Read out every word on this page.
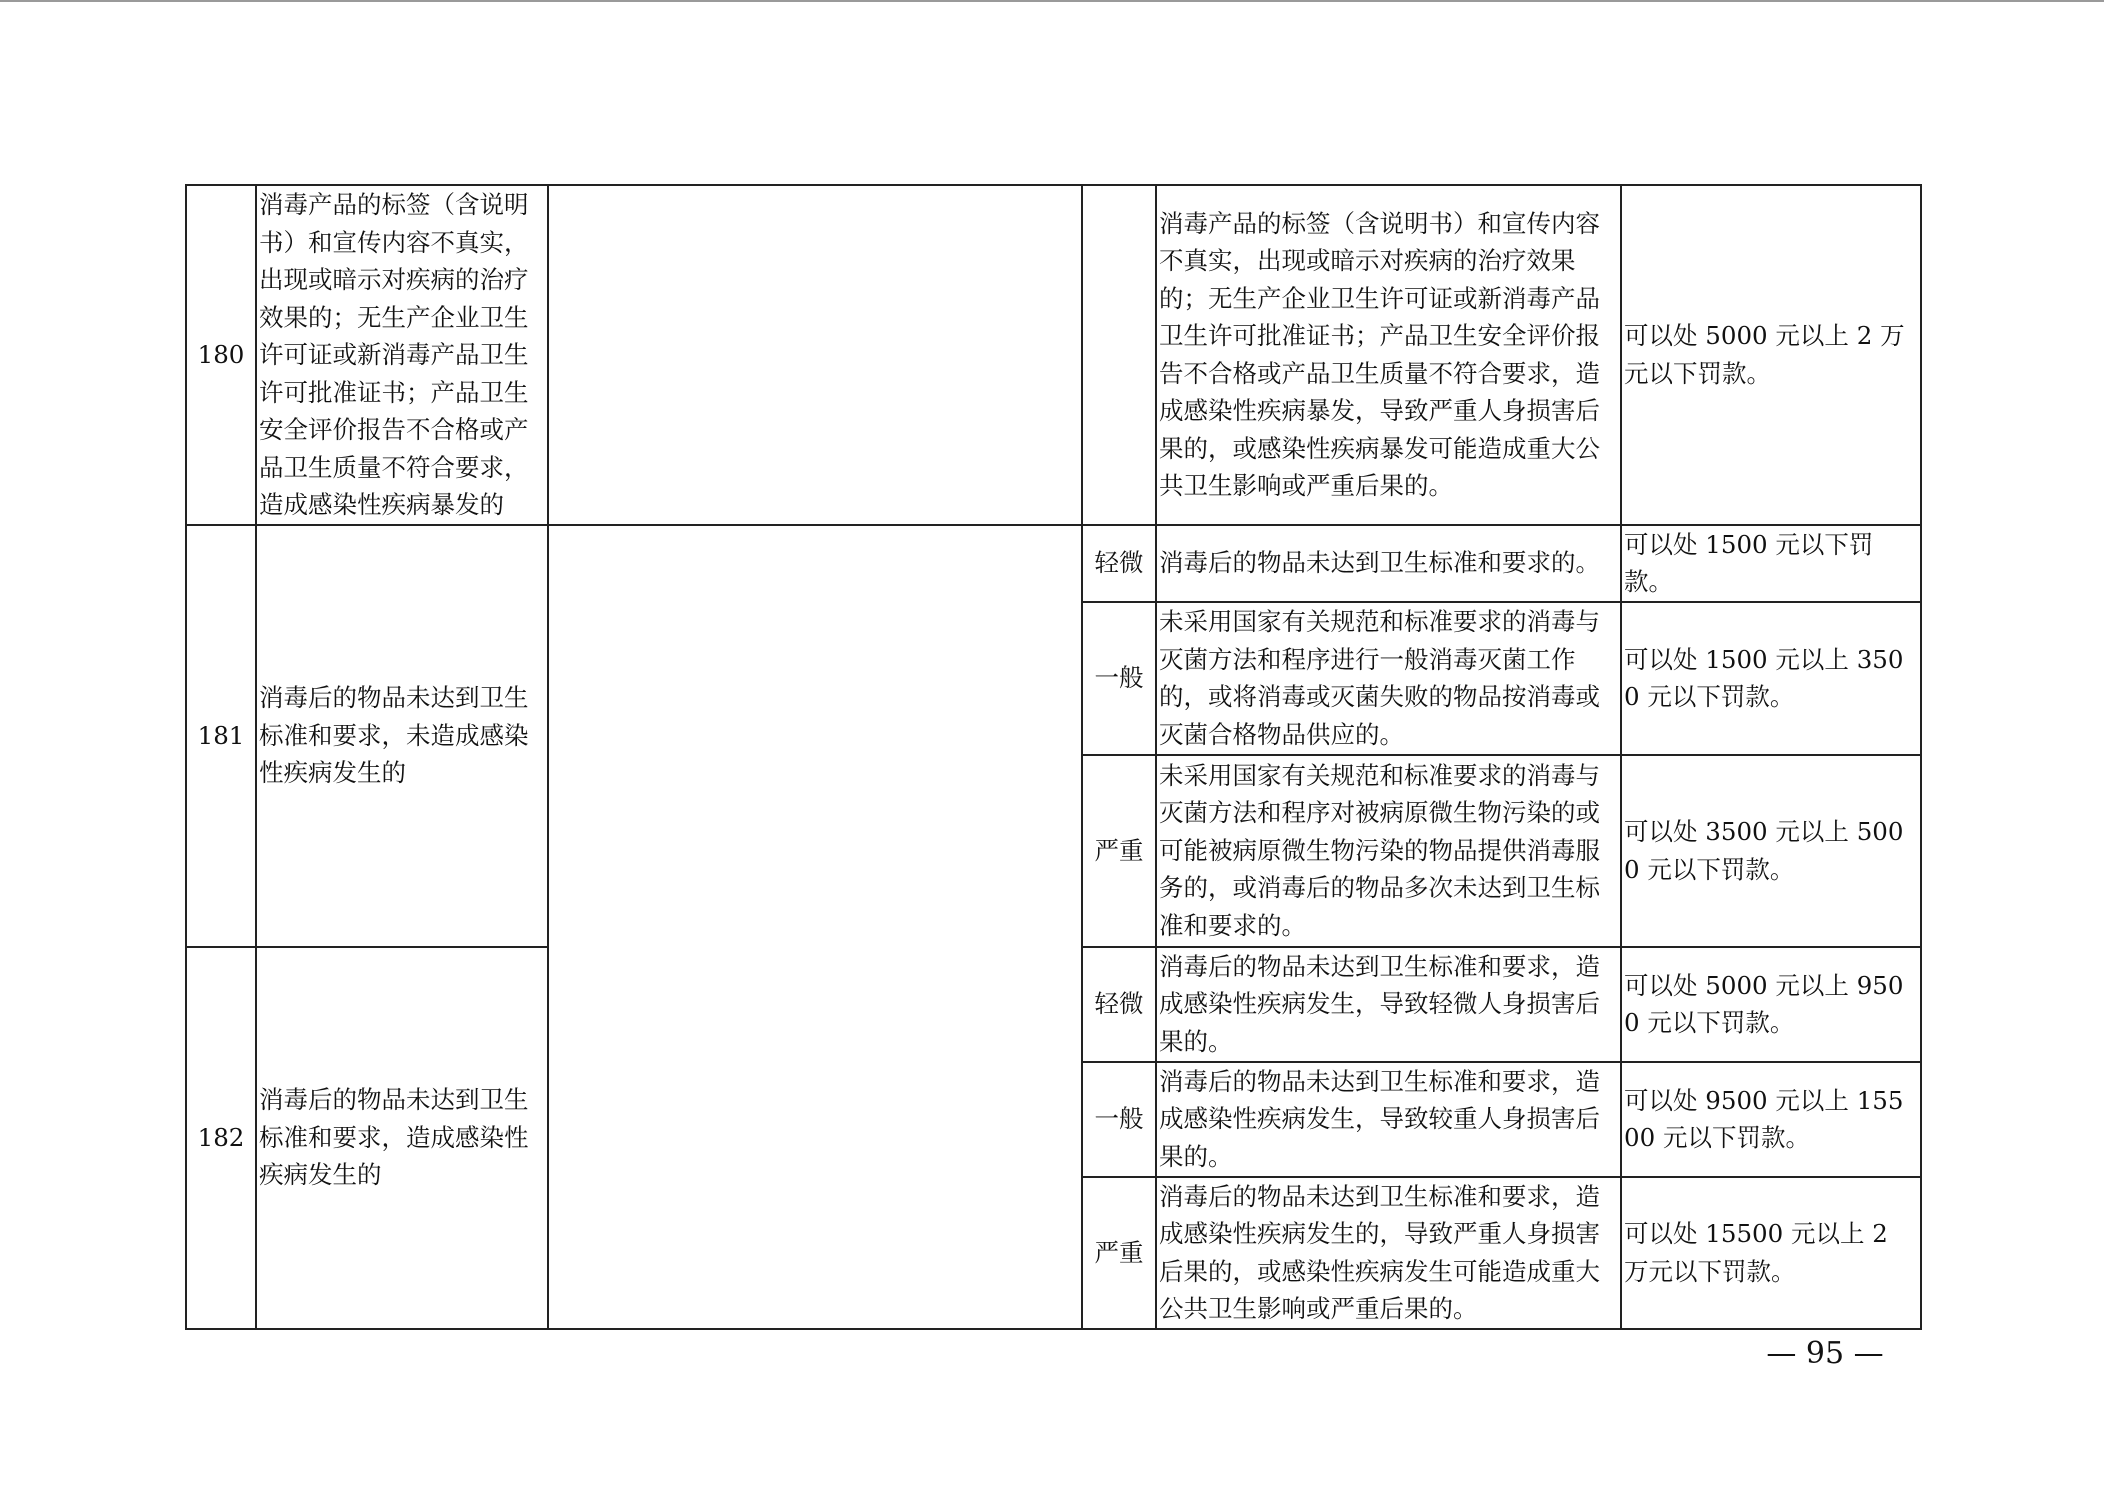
180	消毒产品的标签（含说明书）和宣传内容不真实，出现或暗示对疾病的治疗效果的；无生产企业卫生许可证或新消毒产品卫生许可批准证书；产品卫生安全评价报告不合格或产品卫生质量不符合要求，造成感染性疾病暴发的			消毒产品的标签（含说明书）和宣传内容不真实，出现或暗示对疾病的治疗效果的；无生产企业卫生许可证或新消毒产品卫生许可批准证书；产品卫生安全评价报告不合格或产品卫生质量不符合要求，造成感染性疾病暴发，导致严重人身损害后果的，或感染性疾病暴发可能造成重大公共卫生影响或严重后果的。	可以处 5000 元以上 2 万元以下罚款。
181	消毒后的物品未达到卫生标准和要求，未造成感染性疾病发生的		轻微	消毒后的物品未达到卫生标准和要求的。	可以处 1500 元以下罚款。
			一般	未采用国家有关规范和标准要求的消毒与灭菌方法和程序进行一般消毒灭菌工作的，或将消毒或灭菌失败的物品按消毒或灭菌合格物品供应的。	可以处 1500 元以上 3500 元以下罚款。
			严重	未采用国家有关规范和标准要求的消毒与灭菌方法和程序对被病原微生物污染的或可能被病原微生物污染的物品提供消毒服务的，或消毒后的物品多次未达到卫生标准和要求的。	可以处 3500 元以上 5000 元以下罚款。
182	消毒后的物品未达到卫生标准和要求，造成感染性疾病发生的		轻微	消毒后的物品未达到卫生标准和要求，造成感染性疾病发生，导致轻微人身损害后果的。	可以处 5000 元以上 9500 元以下罚款。
			一般	消毒后的物品未达到卫生标准和要求，造成感染性疾病发生，导致较重人身损害后果的。	可以处 9500 元以上 15500 元以下罚款。
			严重	消毒后的物品未达到卫生标准和要求，造成感染性疾病发生的，导致严重人身损害后果的，或感染性疾病发生可能造成重大公共卫生影响或严重后果的。	可以处 15500 元以上 2 万元以下罚款。
— 95 —
